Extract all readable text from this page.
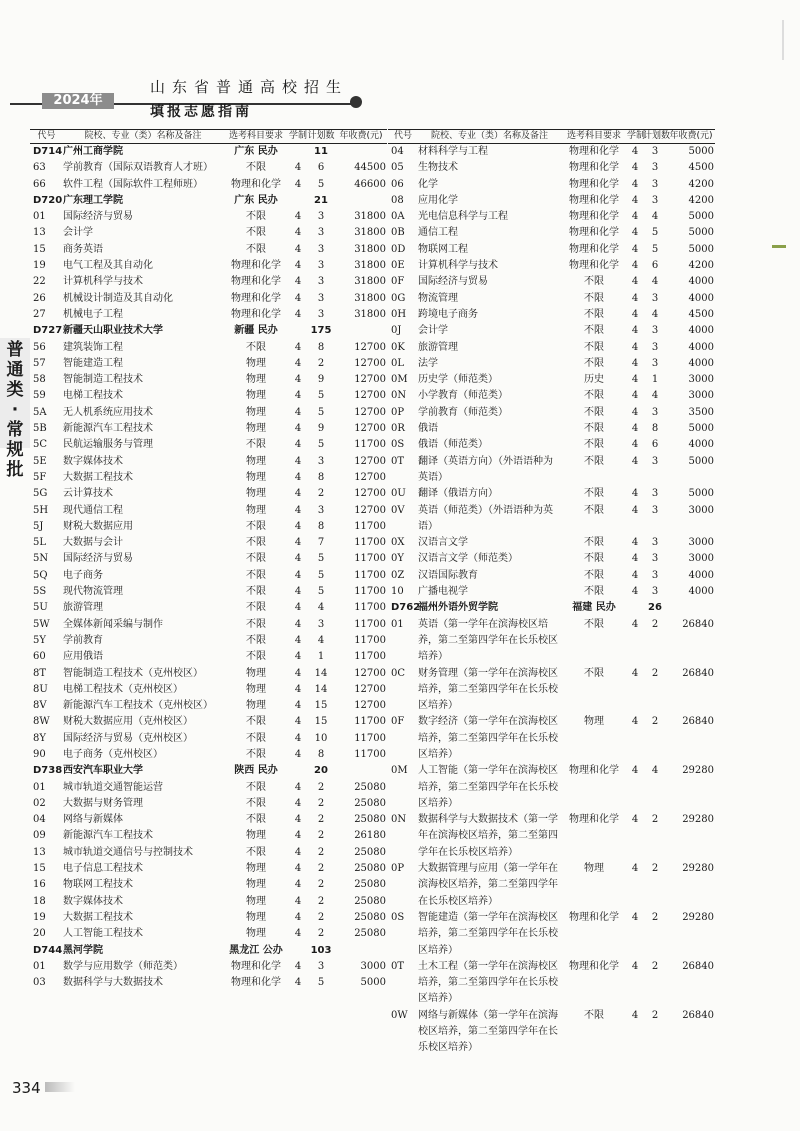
山东省普通高校招生
2024年
填报志愿指南
普通类·常规批
代号	院校、专业（类）名称及备注	选考科目要求	学制	计划数	年收费(元)
D714	广州工商学院	广东 民办		11	
63	学前教育（国际双语教育人才班）	不限	4	6	44500
66	软件工程（国际软件工程师班）	物理和化学	4	5	46600
D720	广东理工学院	广东 民办		21	
01	国际经济与贸易	不限	4	3	31800
13	会计学	不限	4	3	31800
15	商务英语	不限	4	3	31800
19	电气工程及其自动化	物理和化学	4	3	31800
22	计算机科学与技术	物理和化学	4	3	31800
26	机械设计制造及其自动化	物理和化学	4	3	31800
27	机械电子工程	物理和化学	4	3	31800
D727	新疆天山职业技术大学	新疆 民办		175	
56	建筑装饰工程	不限	4	8	12700
57	智能建造工程	物理	4	2	12700
58	智能制造工程技术	物理	4	9	12700
59	电梯工程技术	物理	4	5	12700
5A	无人机系统应用技术	物理	4	5	12700
5B	新能源汽车工程技术	物理	4	9	12700
5C	民航运输服务与管理	不限	4	5	11700
5E	数字媒体技术	物理	4	3	12700
5F	大数据工程技术	物理	4	8	12700
5G	云计算技术	物理	4	2	12700
5H	现代通信工程	物理	4	3	12700
5J	财税大数据应用	不限	4	8	11700
5L	大数据与会计	不限	4	7	11700
5N	国际经济与贸易	不限	4	5	11700
5Q	电子商务	不限	4	5	11700
5S	现代物流管理	不限	4	5	11700
5U	旅游管理	不限	4	4	11700
5W	全媒体新闻采编与制作	不限	4	3	11700
5Y	学前教育	不限	4	4	11700
60	应用俄语	不限	4	1	11700
8T	智能制造工程技术（克州校区）	物理	4	14	12700
8U	电梯工程技术（克州校区）	物理	4	14	12700
8V	新能源汽车工程技术（克州校区）	物理	4	15	12700
8W	财税大数据应用（克州校区）	不限	4	15	11700
8Y	国际经济与贸易（克州校区）	不限	4	10	11700
90	电子商务（克州校区）	不限	4	8	11700
D738	西安汽车职业大学	陕西 民办		20	
01	城市轨道交通智能运营	不限	4	2	25080
02	大数据与财务管理	不限	4	2	25080
04	网络与新媒体	不限	4	2	25080
09	新能源汽车工程技术	物理	4	2	26180
13	城市轨道交通信号与控制技术	不限	4	2	25080
15	电子信息工程技术	物理	4	2	25080
16	物联网工程技术	物理	4	2	25080
18	数字媒体技术	物理	4	2	25080
19	大数据工程技术	物理	4	2	25080
20	人工智能工程技术	物理	4	2	25080
D744	黑河学院	黑龙江 公办		103	
01	数学与应用数学（师范类）	物理和化学	4	3	3000
03	数据科学与大数据技术	物理和化学	4	5	5000
代号	院校、专业（类）名称及备注	选考科目要求	学制	计划数	年收费(元)
04	材料科学与工程	物理和化学	4	3	5000
05	生物技术	物理和化学	4	3	4500
06	化学	物理和化学	4	3	4200
08	应用化学	物理和化学	4	3	4200
0A	光电信息科学与工程	物理和化学	4	4	5000
0B	通信工程	物理和化学	4	5	5000
0D	物联网工程	物理和化学	4	5	5000
0E	计算机科学与技术	物理和化学	4	6	4200
0F	国际经济与贸易	不限	4	4	4000
0G	物流管理	不限	4	3	4000
0H	跨境电子商务	不限	4	4	4500
0J	会计学	不限	4	3	4000
0K	旅游管理	不限	4	3	4000
0L	法学	不限	4	3	4000
0M	历史学（师范类）	历史	4	1	3000
0N	小学教育（师范类）	不限	4	4	3000
0P	学前教育（师范类）	不限	4	3	3500
0R	俄语	不限	4	8	5000
0S	俄语（师范类）	不限	4	6	4000
0T	翻译（英语方向）（外语语种为英语）	不限	4	3	5000
0U	翻译（俄语方向）	不限	4	3	5000
0V	英语（师范类）（外语语种为英语）	不限	4	3	3000
0X	汉语言文学	不限	4	3	3000
0Y	汉语言文学（师范类）	不限	4	3	3000
0Z	汉语国际教育	不限	4	3	4000
10	广播电视学	不限	4	3	4000
D762	福州外语外贸学院	福建 民办		26	
01	英语（第一学年在滨海校区培养，第二至第四学年在长乐校区培养）	不限	4	2	26840
0C	财务管理（第一学年在滨海校区培养，第二至第四学年在长乐校区培养）	不限	4	2	26840
0F	数字经济（第一学年在滨海校区培养，第二至第四学年在长乐校区培养）	物理	4	2	26840
0M	人工智能（第一学年在滨海校区培养，第二至第四学年在长乐校区培养）	物理和化学	4	4	29280
0N	数据科学与大数据技术（第一学年在滨海校区培养，第二至第四学年在长乐校区培养）	物理和化学	4	2	29280
0P	大数据管理与应用（第一学年在滨海校区培养，第二至第四学年在长乐校区培养）	物理	4	2	29280
0S	智能建造（第一学年在滨海校区培养，第二至第四学年在长乐校区培养）	物理和化学	4	2	29280
0T	土木工程（第一学年在滨海校区培养，第二至第四学年在长乐校区培养）	物理和化学	4	2	26840
0W	网络与新媒体（第一学年在滨海校区培养，第二至第四学年在长乐校区培养）	不限	4	2	26840
334
